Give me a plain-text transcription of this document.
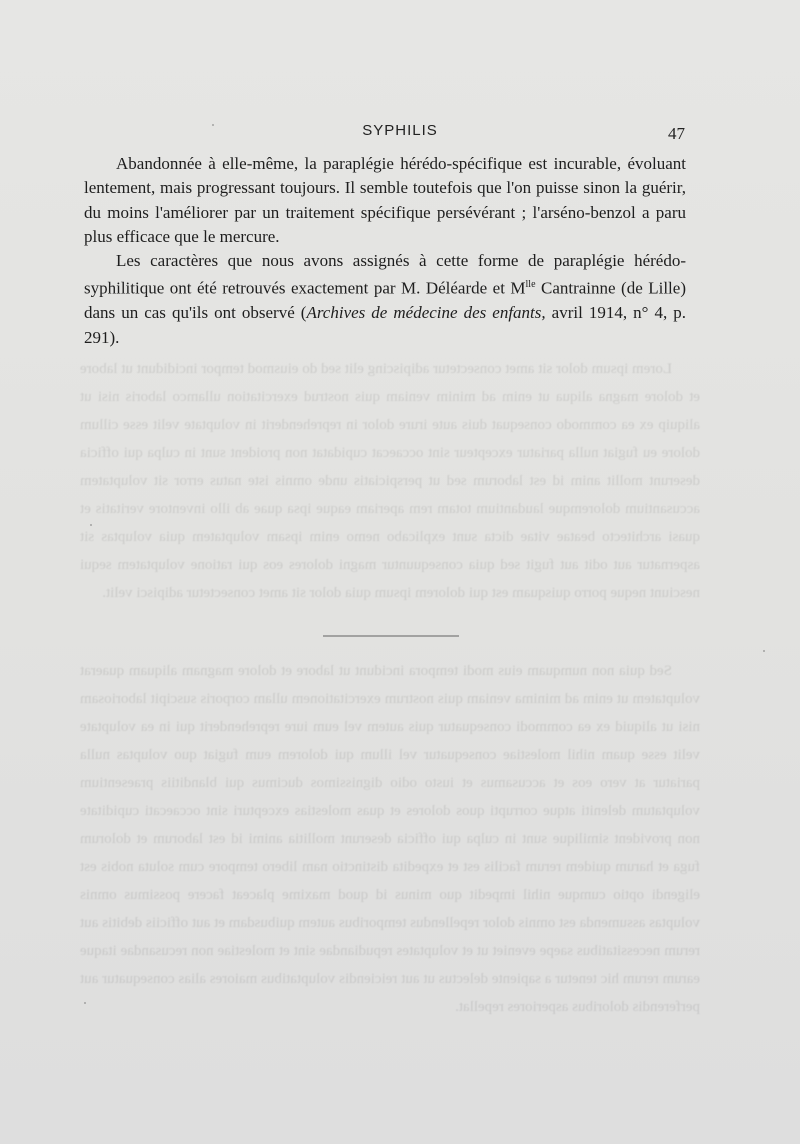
SYPHILIS	47

Abandonnée à elle-même, la paraplégie hérédo-spécifique est incurable, évoluant lentement, mais progressant toujours. Il semble toutefois que l'on puisse sinon la guérir, du moins l'améliorer par un traitement spécifique persévérant ; l'arséno-benzol a paru plus efficace que le mercure.

Les caractères que nous avons assignés à cette forme de paraplégie hérédo-syphilitique ont été retrouvés exactement par M. Déléarde et $M^{lle}$ Cantrainne (de Lille) dans un cas qu'ils ont observé (Archives de médecine des enfants, avril 1914, n° 4, p. 291).

Lorem ipsum dolor sit amet consectetur adipiscing elit sed do eiusmod tempor incididunt ut labore et dolore magna aliqua ut enim ad minim veniam quis nostrud exercitation ullamco laboris nisi ut aliquip ex ea commodo consequat duis aute irure dolor in reprehenderit in voluptate velit esse cillum dolore eu fugiat nulla pariatur excepteur sint occaecat cupidatat non proident sunt in culpa qui officia deserunt mollit anim id est laborum sed ut perspiciatis unde omnis iste natus error sit voluptatem accusantium doloremque laudantium totam rem aperiam eaque ipsa quae ab illo inventore veritatis et quasi architecto beatae vitae dicta sunt explicabo nemo enim ipsam voluptatem quia voluptas sit aspernatur aut odit aut fugit sed quia consequuntur magni dolores eos qui ratione voluptatem sequi nesciunt neque porro quisquam est qui dolorem ipsum quia dolor sit amet consectetur adipisci velit.

Sed quia non numquam eius modi tempora incidunt ut labore et dolore magnam aliquam quaerat voluptatem ut enim ad minima veniam quis nostrum exercitationem ullam corporis suscipit laboriosam nisi ut aliquid ex ea commodi consequatur quis autem vel eum iure reprehenderit qui in ea voluptate velit esse quam nihil molestiae consequatur vel illum qui dolorem eum fugiat quo voluptas nulla pariatur at vero eos et accusamus et iusto odio dignissimos ducimus qui blanditiis praesentium voluptatum deleniti atque corrupti quos dolores et quas molestias excepturi sint occaecati cupiditate non provident similique sunt in culpa qui officia deserunt mollitia animi id est laborum et dolorum fuga et harum quidem rerum facilis est et expedita distinctio nam libero tempore cum soluta nobis est eligendi optio cumque nihil impedit quo minus id quod maxime placeat facere possimus omnis voluptas assumenda est omnis dolor repellendus temporibus autem quibusdam et aut officiis debitis aut rerum necessitatibus saepe eveniet ut et voluptates repudiandae sint et molestiae non recusandae itaque earum rerum hic tenetur a sapiente delectus ut aut reiciendis voluptatibus maiores alias consequatur aut perferendis doloribus asperiores repellat.
